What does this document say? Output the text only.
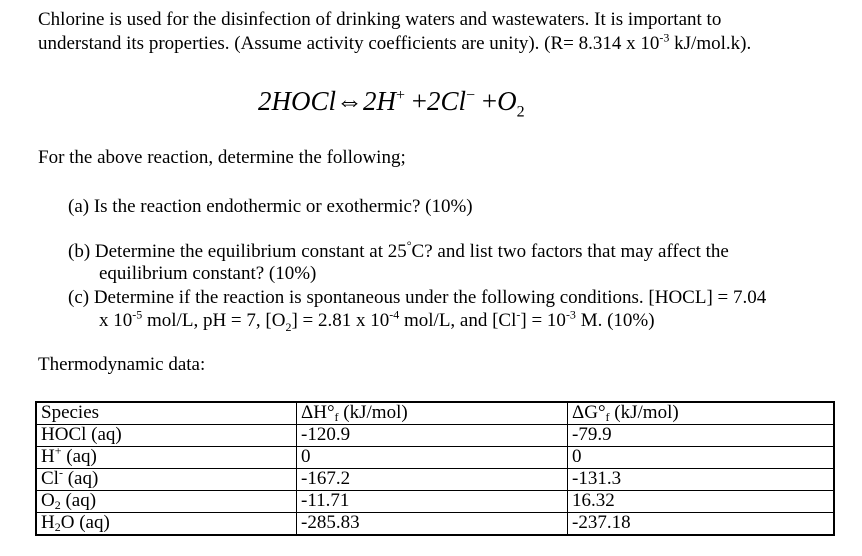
Chlorine is used for the disinfection of drinking waters and wastewaters. It is important to
understand its properties. (Assume activity coefficients are unity). (R= 8.314 x $10^{-3}$ kJ/mol.k).
2HOCl⇔2H+ $+2Cl^- +O_2$
For the above reaction, determine the following;
(a) Is the reaction endothermic or exothermic? (10%)
(b) Determine the equilibrium constant at 25°C? and list two factors that may affect the
equilibrium constant? (10%)
(c) Determine if the reaction is spontaneous under the following conditions. [HOCL] = 7.04
x $10^{-5}$ mol/L, pH = 7, $[O_2] = 2.81$ x $10^{-4}$ mol/L, and $[Cl^-] = 10^{-3}$ M. (10%)
Thermodynamic data:
Species	$\Delta H^\circ_f$ (kJ/mol)	$\Delta G^\circ_f$ (kJ/mol)
HOCl (aq)	-120.9	-79.9
H+ (aq)	0	0
Cl- (aq)	-167.2	-131.3
$O_2$ (aq)	-11.71	16.32
$H_2O$ (aq)	-285.83	-237.18
